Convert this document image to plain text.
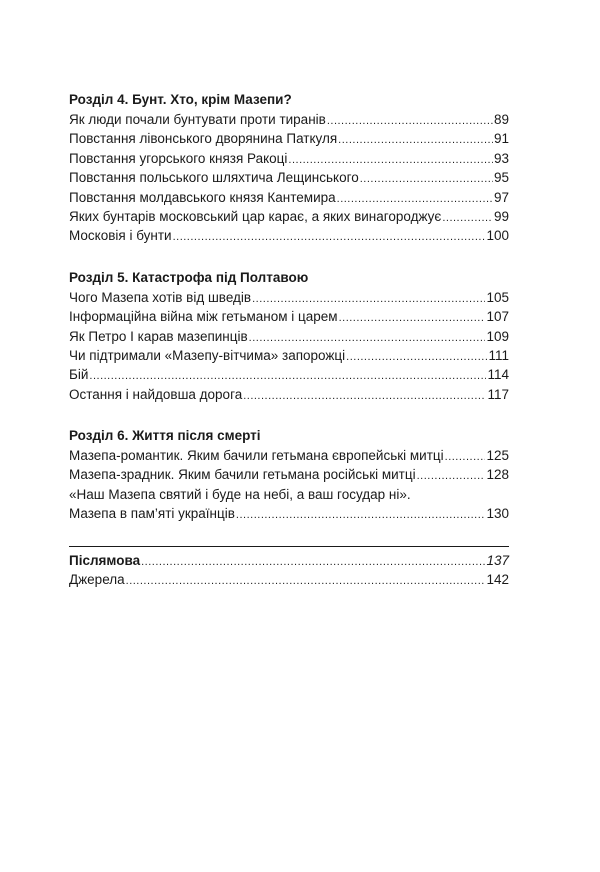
Розділ 4. Бунт. Хто, крім Мазепи?
Як люди почали бунтувати проти тиранів .....	89
Повстання лівонського дворянина Паткуля .....	91
Повстання угорського князя Ракоці .....	93
Повстання польського шляхтича Лещинського .....	95
Повстання молдавського князя Кантемира .....	97
Яких бунтарів московський цар карає, а яких винагороджує .....	99
Московія і бунти .....	100
Розділ 5. Катастрофа під Полтавою
Чого Мазепа хотів від шведів .....	105
Інформаційна війна між гетьманом і царем .....	107
Як Петро І карав мазепинців .....	109
Чи підтримали «Мазепу-вітчима» запорожці .....	111
Бій .....	114
Остання і найдовша дорога .....	117
Розділ 6. Життя після смерті
Мазепа-романтик. Яким бачили гетьмана європейські митці .....	125
Мазепа-зрадник. Яким бачили гетьмана російські митці .....	128
«Наш Мазепа святий і буде на небі, а ваш государ ні».
Мазепа в пам’яті українців .....	130
Післямова .....	137
Джерела .....	142
